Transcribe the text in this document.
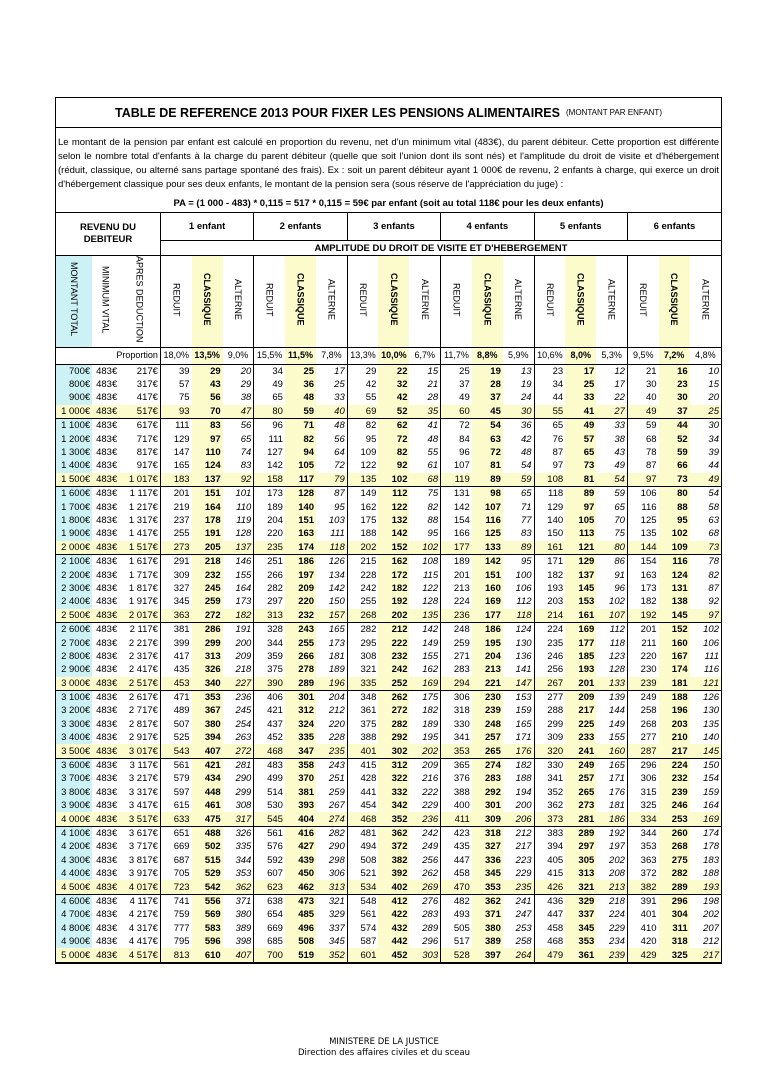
TABLE DE REFERENCE 2013 POUR FIXER LES PENSIONS ALIMENTAIRES (MONTANT PAR ENFANT)
Le montant de la pension par enfant est calculé en proportion du revenu, net d'un minimum vital (483€), du parent débiteur. Cette proportion est différente selon le nombre total d'enfants à la charge du parent débiteur (quelle que soit l'union dont ils sont nés) et l'amplitude du droit de visite et d'hébergement (réduit, classique, ou alterné sans partage spontané des frais). Ex : soit un parent débiteur ayant 1 000€ de revenu, 2 enfants à charge, qui exerce un droit d'hébergement classique pour ses deux enfants, le montant de la pension sera (sous réserve de l'appréciation du juge) :
PA = (1 000 - 483) * 0,115 = 517 * 0,115 = 59€ par enfant (soit au total 118€ pour les deux enfants)
REVENU DU DEBITEUR			1 enfant			2 enfants			3 enfants			4 enfants			5 enfants			6 enfants		
			AMPLITUDE DU DROIT DE VISITE ET D'HEBERGEMENT																	
MONTANT TOTAL	MINIMUM VITAL	APRES DEDUCTION	REDUIT	CLASSIQUE	ALTERNE	REDUIT	CLASSIQUE	ALTERNE	REDUIT	CLASSIQUE	ALTERNE	REDUIT	CLASSIQUE	ALTERNE	REDUIT	CLASSIQUE	ALTERNE	REDUIT	CLASSIQUE	ALTERNE
Proportion			18,0%	13,5%	9,0%	15,5%	11,5%	7,8%	13,3%	10,0%	6,7%	11,7%	8,8%	5,9%	10,6%	8,0%	5,3%	9,5%	7,2%	4,8%
700€	483€	217€	39	29	20	34	25	17	29	22	15	25	19	13	23	17	12	21	16	10
800€	483€	317€	57	43	29	49	36	25	42	32	21	37	28	19	34	25	17	30	23	15
900€	483€	417€	75	56	38	65	48	33	55	42	28	49	37	24	44	33	22	40	30	20
1 000€	483€	517€	93	70	47	80	59	40	69	52	35	60	45	30	55	41	27	49	37	25
1 100€	483€	617€	111	83	56	96	71	48	82	62	41	72	54	36	65	49	33	59	44	30
1 200€	483€	717€	129	97	65	111	82	56	95	72	48	84	63	42	76	57	38	68	52	34
1 300€	483€	817€	147	110	74	127	94	64	109	82	55	96	72	48	87	65	43	78	59	39
1 400€	483€	917€	165	124	83	142	105	72	122	92	61	107	81	54	97	73	49	87	66	44
1 500€	483€	1 017€	183	137	92	158	117	79	135	102	68	119	89	59	108	81	54	97	73	49
1 600€	483€	1 117€	201	151	101	173	128	87	149	112	75	131	98	65	118	89	59	106	80	54
1 700€	483€	1 217€	219	164	110	189	140	95	162	122	82	142	107	71	129	97	65	116	88	58
1 800€	483€	1 317€	237	178	119	204	151	103	175	132	88	154	116	77	140	105	70	125	95	63
1 900€	483€	1 417€	255	191	128	220	163	111	188	142	95	166	125	83	150	113	75	135	102	68
2 000€	483€	1 517€	273	205	137	235	174	118	202	152	102	177	133	89	161	121	80	144	109	73
2 100€	483€	1 617€	291	218	146	251	186	126	215	162	108	189	142	95	171	129	86	154	116	78
2 200€	483€	1 717€	309	232	155	266	197	134	228	172	115	201	151	100	182	137	91	163	124	82
2 300€	483€	1 817€	327	245	164	282	209	142	242	182	122	213	160	106	193	145	96	173	131	87
2 400€	483€	1 917€	345	259	173	297	220	150	255	192	128	224	169	112	203	153	102	182	138	92
2 500€	483€	2 017€	363	272	182	313	232	157	268	202	135	236	177	118	214	161	107	192	145	97
2 600€	483€	2 117€	381	286	191	328	243	165	282	212	142	248	186	124	224	169	112	201	152	102
2 700€	483€	2 217€	399	299	200	344	255	173	295	222	149	259	195	130	235	177	118	211	160	106
2 800€	483€	2 317€	417	313	209	359	266	181	308	232	155	271	204	136	246	185	123	220	167	111
2 900€	483€	2 417€	435	326	218	375	278	189	321	242	162	283	213	141	256	193	128	230	174	116
3 000€	483€	2 517€	453	340	227	390	289	196	335	252	169	294	221	147	267	201	133	239	181	121
3 100€	483€	2 617€	471	353	236	406	301	204	348	262	175	306	230	153	277	209	139	249	188	126
3 200€	483€	2 717€	489	367	245	421	312	212	361	272	182	318	239	159	288	217	144	258	196	130
3 300€	483€	2 817€	507	380	254	437	324	220	375	282	189	330	248	165	299	225	149	268	203	135
3 400€	483€	2 917€	525	394	263	452	335	228	388	292	195	341	257	171	309	233	155	277	210	140
3 500€	483€	3 017€	543	407	272	468	347	235	401	302	202	353	265	176	320	241	160	287	217	145
3 600€	483€	3 117€	561	421	281	483	358	243	415	312	209	365	274	182	330	249	165	296	224	150
3 700€	483€	3 217€	579	434	290	499	370	251	428	322	216	376	283	188	341	257	171	306	232	154
3 800€	483€	3 317€	597	448	299	514	381	259	441	332	222	388	292	194	352	265	176	315	239	159
3 900€	483€	3 417€	615	461	308	530	393	267	454	342	229	400	301	200	362	273	181	325	246	164
4 000€	483€	3 517€	633	475	317	545	404	274	468	352	236	411	309	206	373	281	186	334	253	169
4 100€	483€	3 617€	651	488	326	561	416	282	481	362	242	423	318	212	383	289	192	344	260	174
4 200€	483€	3 717€	669	502	335	576	427	290	494	372	249	435	327	217	394	297	197	353	268	178
4 300€	483€	3 817€	687	515	344	592	439	298	508	382	256	447	336	223	405	305	202	363	275	183
4 400€	483€	3 917€	705	529	353	607	450	306	521	392	262	458	345	229	415	313	208	372	282	188
4 500€	483€	4 017€	723	542	362	623	462	313	534	402	269	470	353	235	426	321	213	382	289	193
4 600€	483€	4 117€	741	556	371	638	473	321	548	412	276	482	362	241	436	329	218	391	296	198
4 700€	483€	4 217€	759	569	380	654	485	329	561	422	283	493	371	247	447	337	224	401	304	202
4 800€	483€	4 317€	777	583	389	669	496	337	574	432	289	505	380	253	458	345	229	410	311	207
4 900€	483€	4 417€	795	596	398	685	508	345	587	442	296	517	389	258	468	353	234	420	318	212
5 000€	483€	4 517€	813	610	407	700	519	352	601	452	303	528	397	264	479	361	239	429	325	217
MINISTERE DE LA JUSTICE
Direction des affaires civiles et du sceau
